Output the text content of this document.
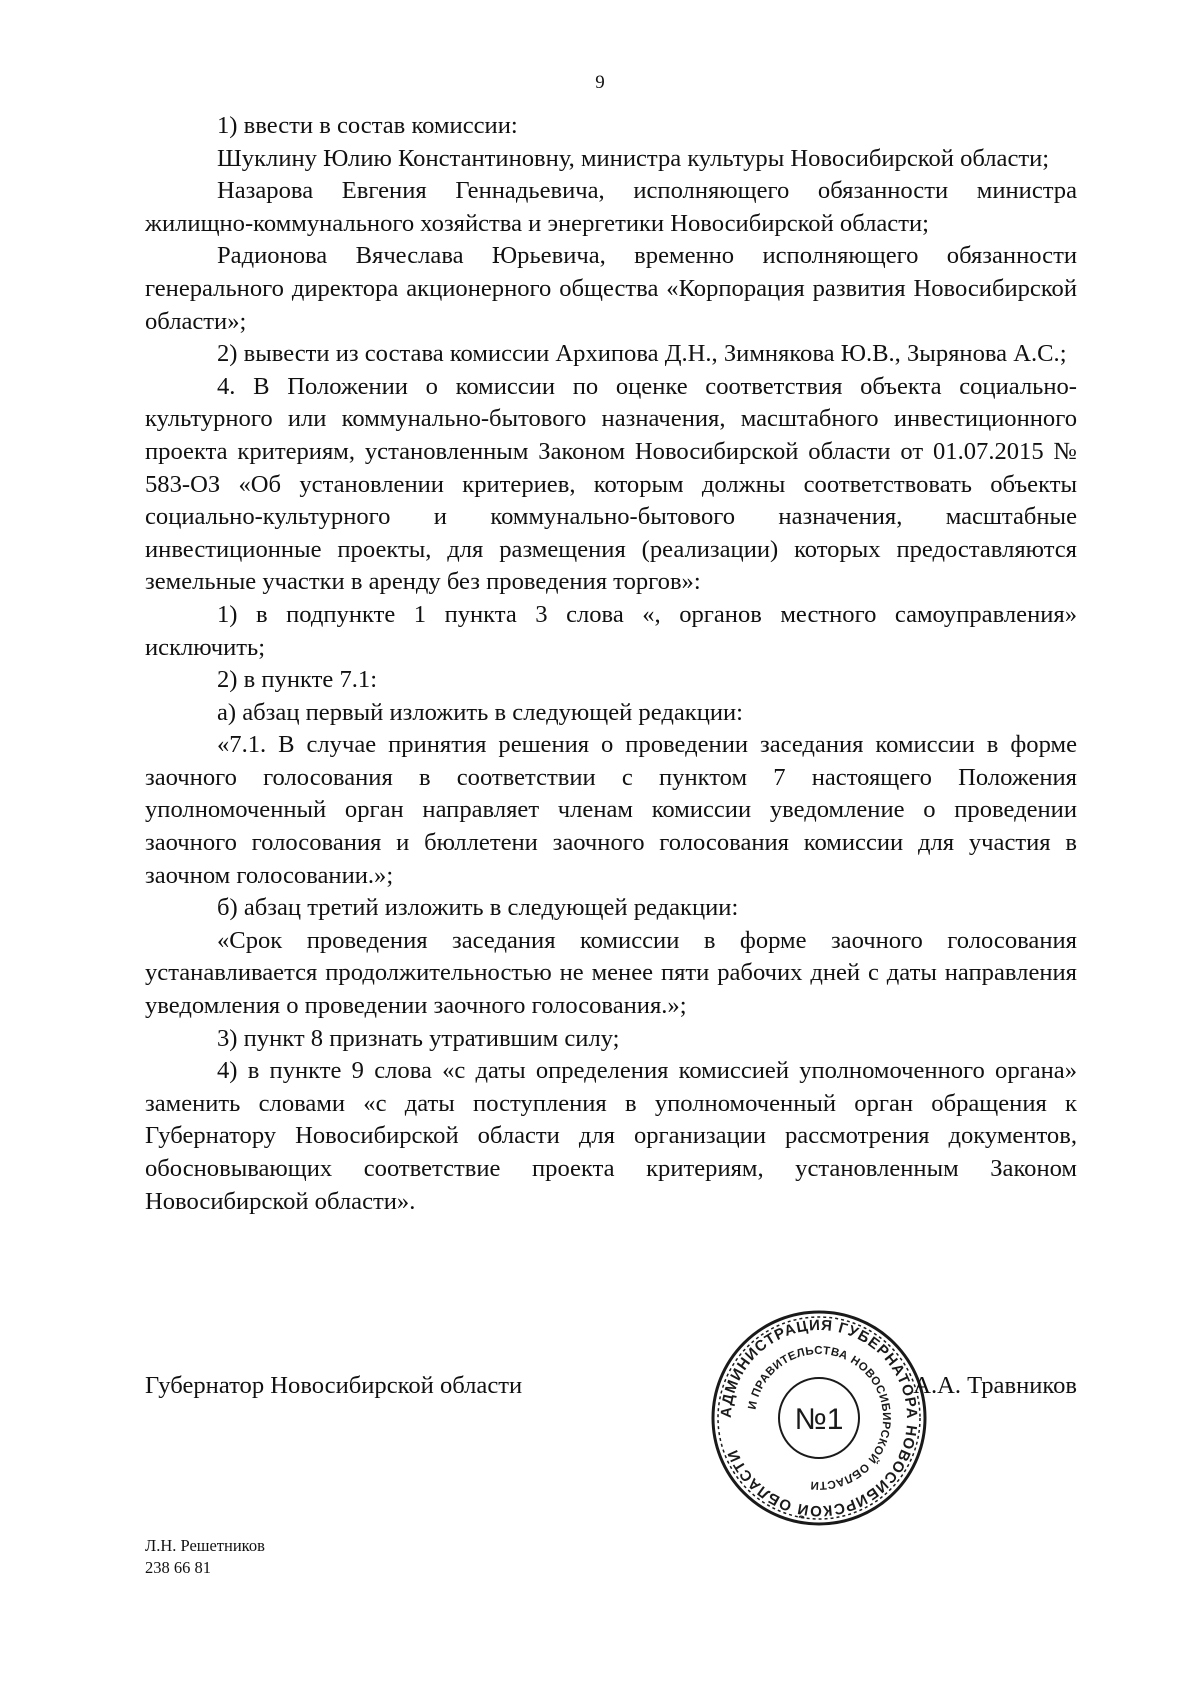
9

1) ввести в состав комиссии:

Шуклину Юлию Константиновну, министра культуры Новосибирской области;

Назарова Евгения Геннадьевича, исполняющего обязанности министра жилищно-коммунального хозяйства и энергетики Новосибирской области;

Радионова Вячеслава Юрьевича, временно исполняющего обязанности генерального директора акционерного общества «Корпорация развития Новосибирской области»;

2) вывести из состава комиссии Архипова Д.Н., Зимнякова Ю.В., Зырянова А.С.;

4. В Положении о комиссии по оценке соответствия объекта социально-культурного или коммунально-бытового назначения, масштабного инвестиционного проекта критериям, установленным Законом Новосибирской области от 01.07.2015 № 583-ОЗ «Об установлении критериев, которым должны соответствовать объекты социально-культурного и коммунально-бытового назначения, масштабные инвестиционные проекты, для размещения (реализации) которых предоставляются земельные участки в аренду без проведения торгов»:

1) в подпункте 1 пункта 3 слова «, органов местного самоуправления» исключить;

2) в пункте 7.1:

а) абзац первый изложить в следующей редакции:

«7.1. В случае принятия решения о проведении заседания комиссии в форме заочного голосования в соответствии с пунктом 7 настоящего Положения уполномоченный орган направляет членам комиссии уведомление о проведении заочного голосования и бюллетени заочного голосования комиссии для участия в заочном голосовании.»;

б) абзац третий изложить в следующей редакции:

«Срок проведения заседания комиссии в форме заочного голосования устанавливается продолжительностью не менее пяти рабочих дней с даты направления уведомления о проведении заочного голосования.»;

3) пункт 8 признать утратившим силу;

4) в пункте 9 слова «с даты определения комиссией уполномоченного органа» заменить словами «с даты поступления в уполномоченный орган обращения к Губернатору Новосибирской области для организации рассмотрения документов, обосновывающих соответствие проекта критериям, установленным Законом Новосибирской области».

Губернатор Новосибирской области
АДМИНИСТРАЦИЯ ГУБЕРНАТОРА НОВОСИБИРСКОЙ ОБЛАСТИ
И ПРАВИТЕЛЬСТВА НОВОСИБИРСКОЙ ОБЛАСТИ
№1
А.А. Травников
Л.Н. Решетников
238 66 81
